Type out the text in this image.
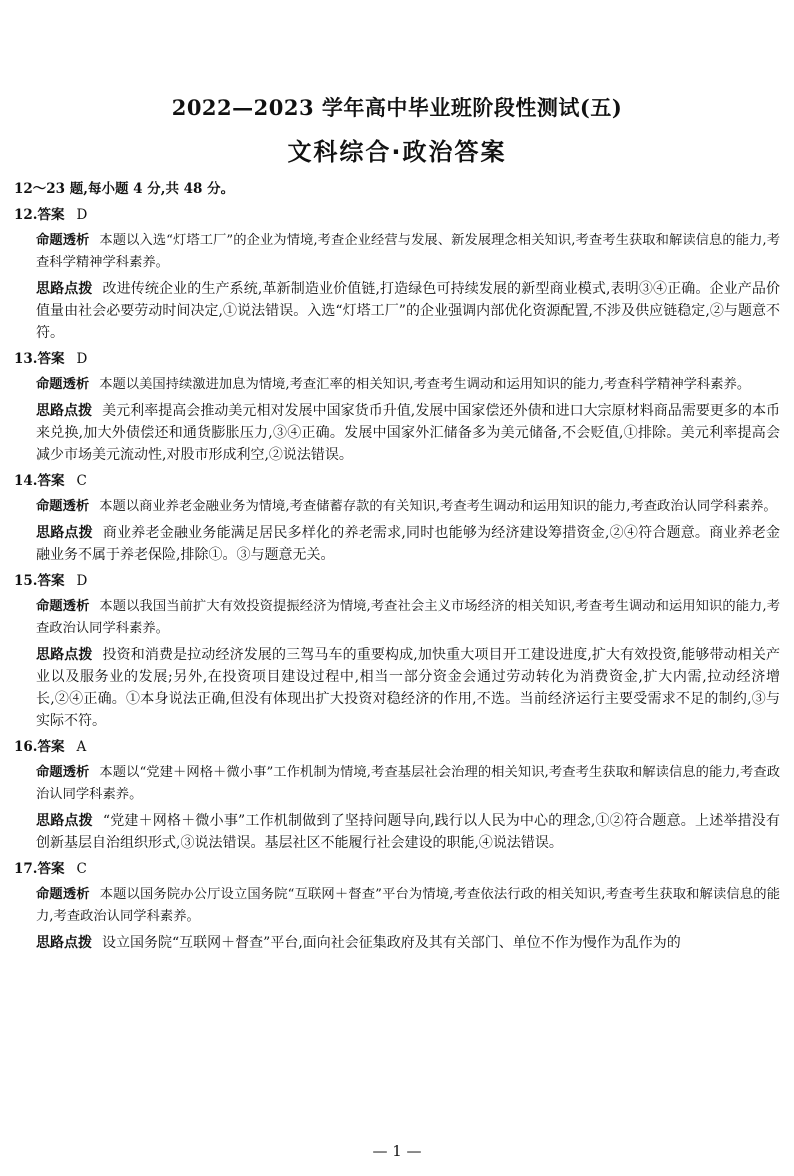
2022—2023 学年高中毕业班阶段性测试(五)
文科综合·政治答案
12～23 题,每小题 4 分,共 48 分。
12.答案 D
命题透析 本题以入选“灯塔工厂”的企业为情境,考查企业经营与发展、新发展理念相关知识,考查考生获取和解读信息的能力,考查科学精神学科素养。
思路点拨 改进传统企业的生产系统,革新制造业价值链,打造绿色可持续发展的新型商业模式,表明③④正确。企业产品价值量由社会必要劳动时间决定,①说法错误。入选“灯塔工厂”的企业强调内部优化资源配置,不涉及供应链稳定,②与题意不符。
13.答案 D
命题透析 本题以美国持续激进加息为情境,考查汇率的相关知识,考查考生调动和运用知识的能力,考查科学精神学科素养。
思路点拨 美元利率提高会推动美元相对发展中国家货币升值,发展中国家偿还外债和进口大宗原材料商品需要更多的本币来兑换,加大外债偿还和通货膨胀压力,③④正确。发展中国家外汇储备多为美元储备,不会贬值,①排除。美元利率提高会减少市场美元流动性,对股市形成利空,②说法错误。
14.答案 C
命题透析 本题以商业养老金融业务为情境,考查储蓄存款的有关知识,考查考生调动和运用知识的能力,考查政治认同学科素养。
思路点拨 商业养老金融业务能满足居民多样化的养老需求,同时也能够为经济建设筹措资金,②④符合题意。商业养老金融业务不属于养老保险,排除①。③与题意无关。
15.答案 D
命题透析 本题以我国当前扩大有效投资提振经济为情境,考查社会主义市场经济的相关知识,考查考生调动和运用知识的能力,考查政治认同学科素养。
思路点拨 投资和消费是拉动经济发展的三驾马车的重要构成,加快重大项目开工建设进度,扩大有效投资,能够带动相关产业以及服务业的发展;另外,在投资项目建设过程中,相当一部分资金会通过劳动转化为消费资金,扩大内需,拉动经济增长,②④正确。①本身说法正确,但没有体现出扩大投资对稳经济的作用,不选。当前经济运行主要受需求不足的制约,③与实际不符。
16.答案 A
命题透析 本题以“党建＋网格＋微小事”工作机制为情境,考查基层社会治理的相关知识,考查考生获取和解读信息的能力,考查政治认同学科素养。
思路点拨 “党建＋网格＋微小事”工作机制做到了坚持问题导向,践行以人民为中心的理念,①②符合题意。上述举措没有创新基层自治组织形式,③说法错误。基层社区不能履行社会建设的职能,④说法错误。
17.答案 C
命题透析 本题以国务院办公厅设立国务院“互联网＋督查”平台为情境,考查依法行政的相关知识,考查考生获取和解读信息的能力,考查政治认同学科素养。
思路点拨 设立国务院“互联网＋督查”平台,面向社会征集政府及其有关部门、单位不作为慢作为乱作为的
— 1 —
